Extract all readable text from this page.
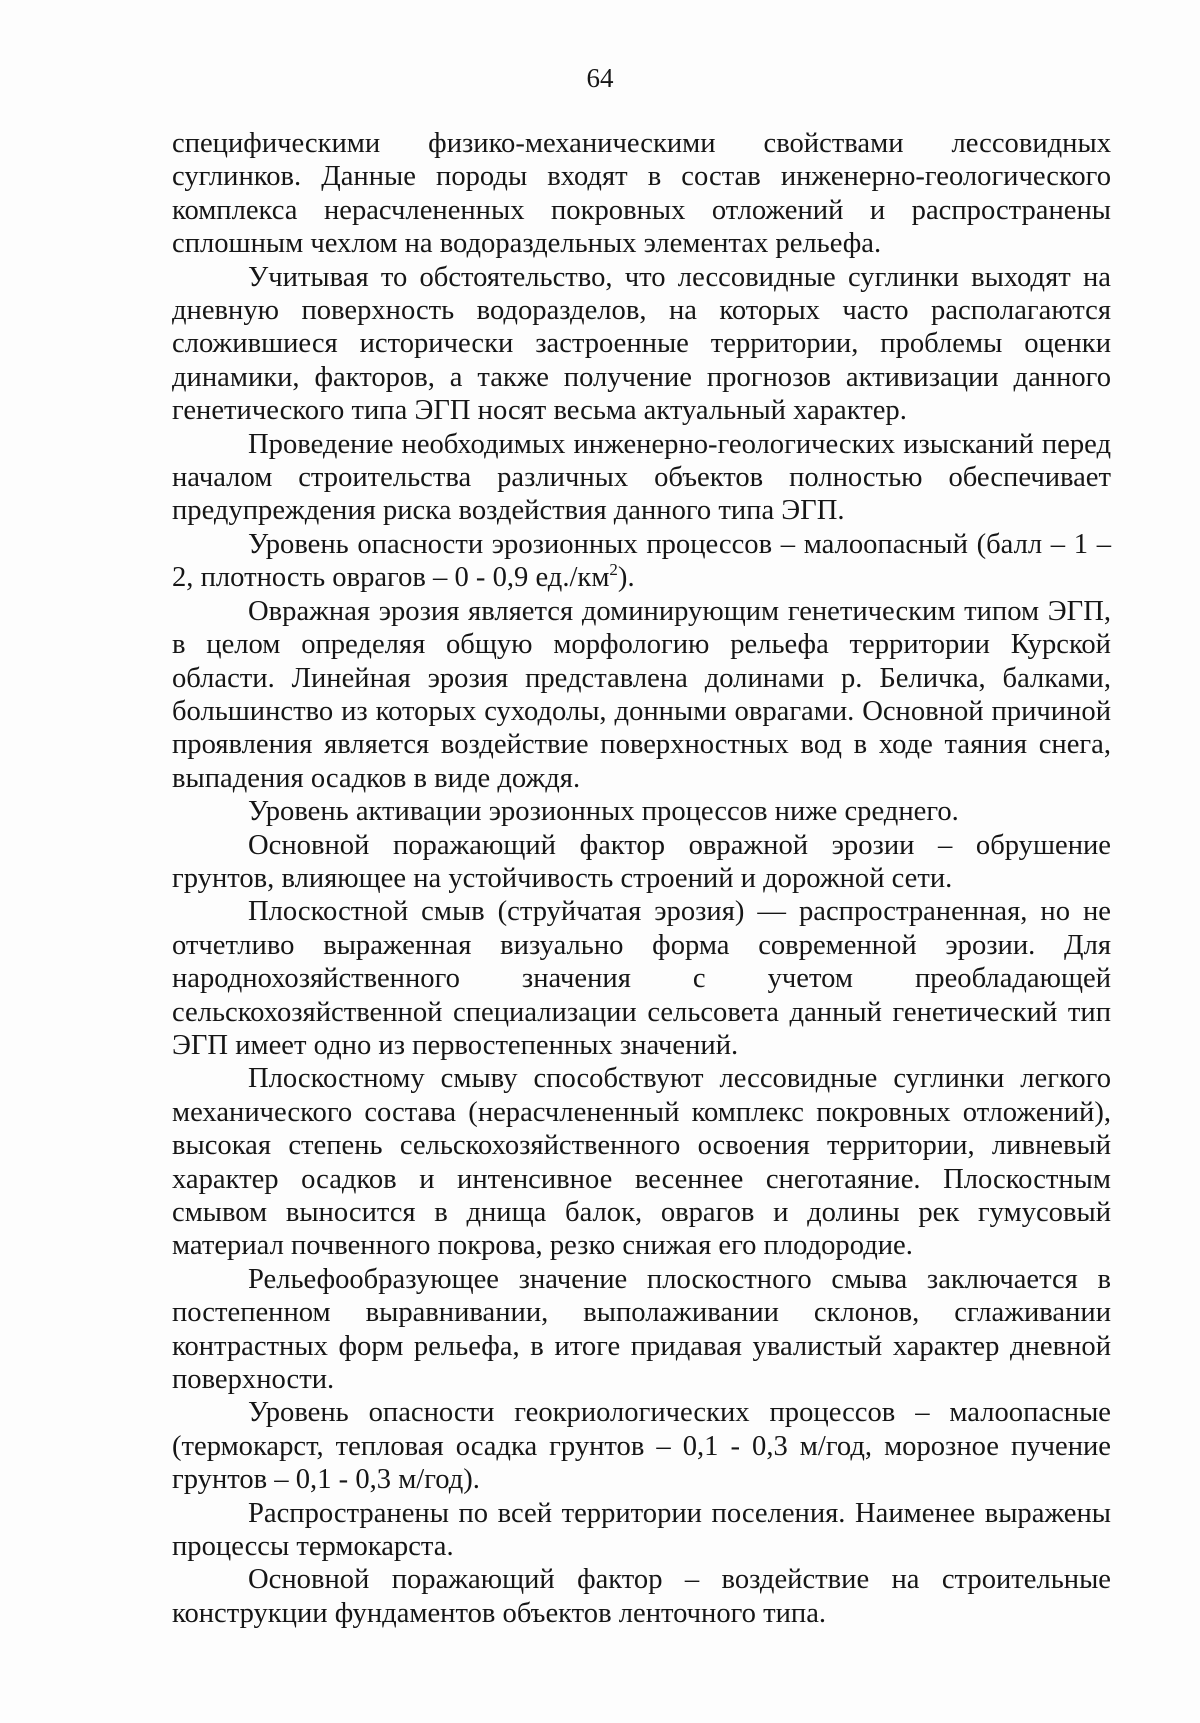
64

специфическими физико-механическими свойствами лессовидных суглинков. Данные породы входят в состав инженерно-геологического комплекса нерасчлененных покровных отложений и распространены сплошным чехлом на водораздельных элементах рельефа.

Учитывая то обстоятельство, что лессовидные суглинки выходят на дневную поверхность водоразделов, на которых часто располагаются сложившиеся исторически застроенные территории, проблемы оценки динамики, факторов, а также получение прогнозов активизации данного генетического типа ЭГП носят весьма актуальный характер.

Проведение необходимых инженерно-геологических изысканий перед началом строительства различных объектов полностью обеспечивает предупреждения риска воздействия данного типа ЭГП.

Уровень опасности эрозионных процессов – малоопасный (балл – 1 – 2, плотность оврагов – 0 - 0,9 $ед./км^2$).

Овражная эрозия является доминирующим генетическим типом ЭГП, в целом определяя общую морфологию рельефа территории Курской области. Линейная эрозия представлена долинами р. Беличка, балками, большинство из которых суходолы, донными оврагами. Основной причиной проявления является воздействие поверхностных вод в ходе таяния снега, выпадения осадков в виде дождя.

Уровень активации эрозионных процессов ниже среднего.

Основной поражающий фактор овражной эрозии – обрушение грунтов, влияющее на устойчивость строений и дорожной сети.

Плоскостной смыв (струйчатая эрозия) — распространенная, но не отчетливо выраженная визуально форма современной эрозии. Для народнохозяйственного значения с учетом преобладающей сельскохозяйственной специализации сельсовета данный генетический тип ЭГП имеет одно из первостепенных значений.

Плоскостному смыву способствуют лессовидные суглинки легкого механического состава (нерасчлененный комплекс покровных отложений), высокая степень сельскохозяйственного освоения территории, ливневый характер осадков и интенсивное весеннее снеготаяние. Плоскостным смывом выносится в днища балок, оврагов и долины рек гумусовый материал почвенного покрова, резко снижая его плодородие.

Рельефообразующее значение плоскостного смыва заключается в постепенном выравнивании, выполаживании склонов, сглаживании контрастных форм рельефа, в итоге придавая увалистый характер дневной поверхности.

Уровень опасности геокриологических процессов – малоопасные (термокарст, тепловая осадка грунтов – 0,1 - 0,3 м/год, морозное пучение грунтов – 0,1 - 0,3 м/год).

Распространены по всей территории поселения. Наименее выражены процессы термокарста.

Основной поражающий фактор – воздействие на строительные конструкции фундаментов объектов ленточного типа.
